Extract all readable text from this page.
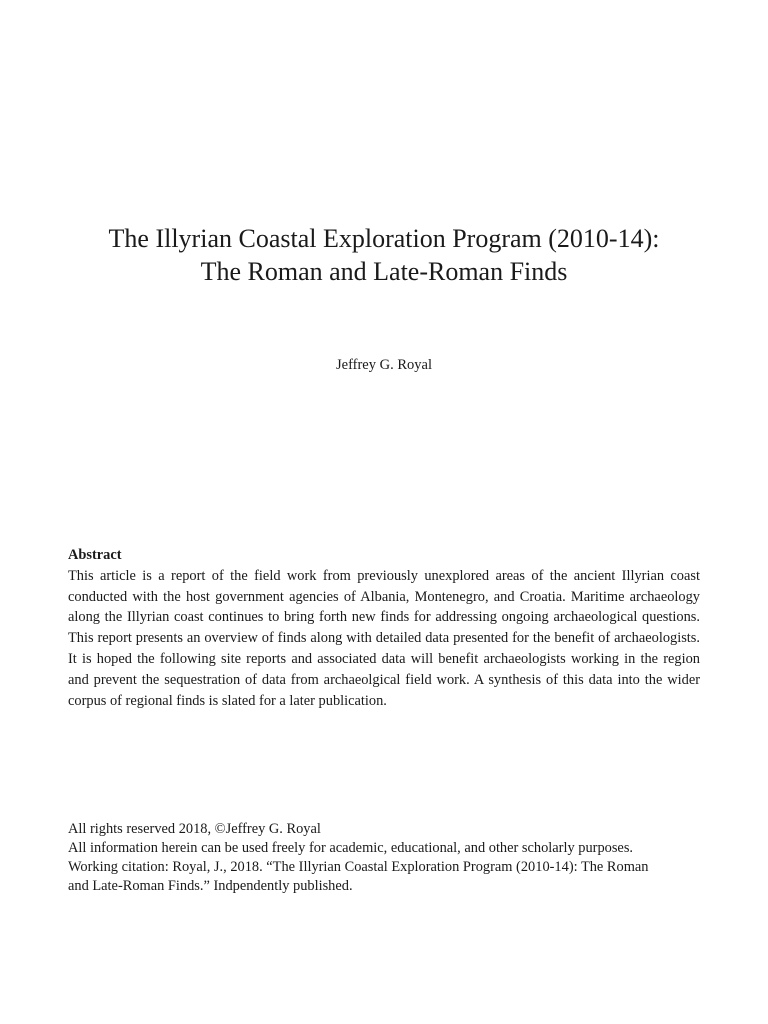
The Illyrian Coastal Exploration Program (2010-14):
The Roman and Late-Roman Finds
Jeffrey G. Royal
Abstract
This article is a report of the field work from previously unexplored areas of the ancient Illyrian coast
conducted with the host government agencies of Albania, Montenegro, and Croatia. Maritime archaeology
along the Illyrian coast continues to bring forth new finds for addressing ongoing archaeological questions.
This report presents an overview of finds along with detailed data presented for the benefit of archaeologists.
It is hoped the following site reports and associated data will benefit archaeologists working in the region
and prevent the sequestration of data from archaeolgical field work. A synthesis of this data into the wider
corpus of regional finds is slated for a later publication.
All rights reserved 2018, ©Jeffrey G. Royal
All information herein can be used freely for academic, educational, and other scholarly purposes.
Working citation: Royal, J., 2018. “The Illyrian Coastal Exploration Program (2010-14): The Roman
and Late-Roman Finds.” Indpendently published.
